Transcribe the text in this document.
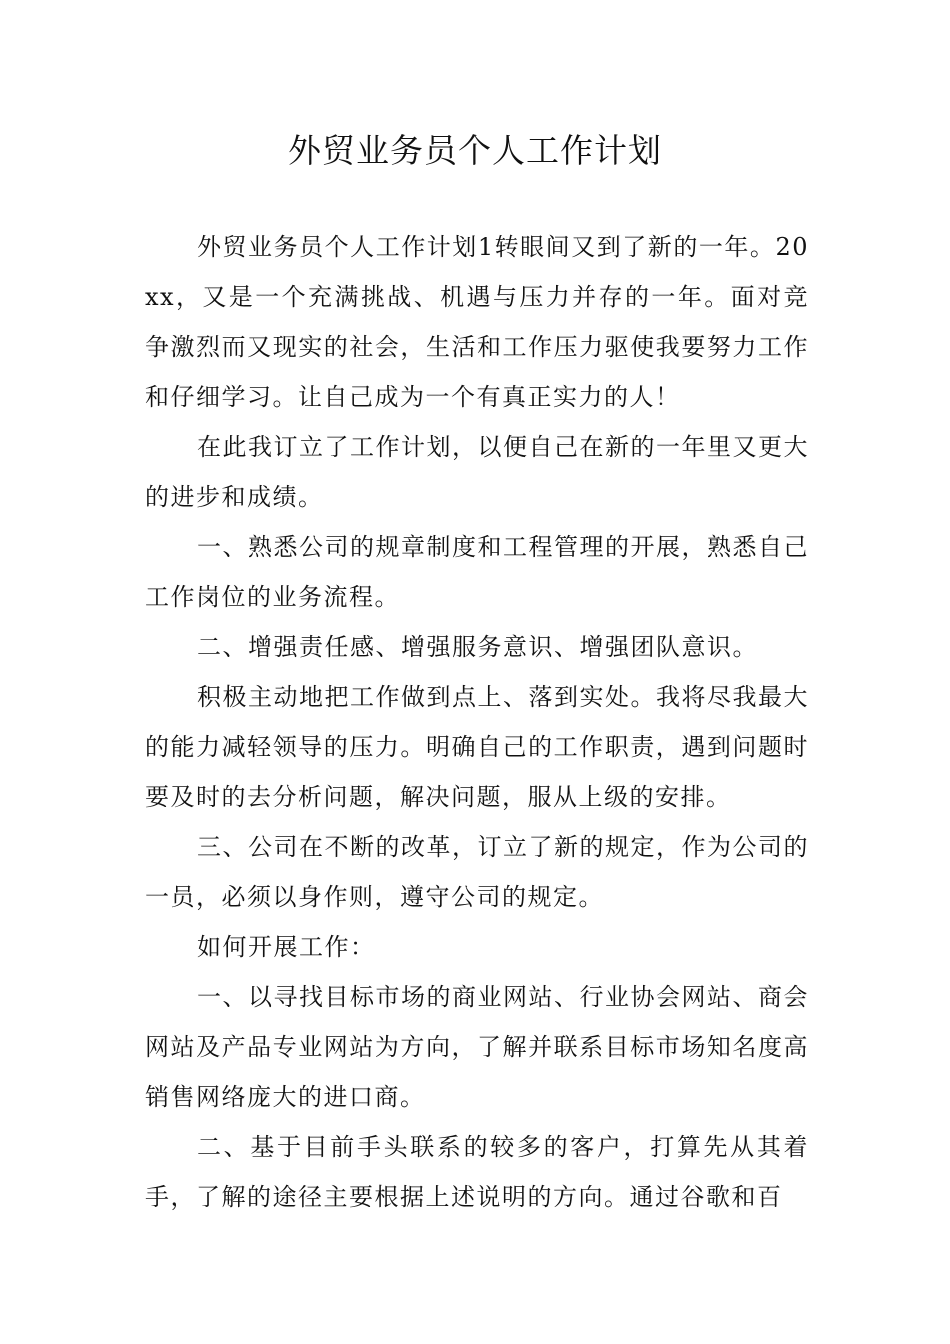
外贸业务员个人工作计划

外贸业务员个人工作计划1转眼间又到了新的一年。20xx，又是一个充满挑战、机遇与压力并存的一年。面对竞争激烈而又现实的社会，生活和工作压力驱使我要努力工作和仔细学习。让自己成为一个有真正实力的人！

在此我订立了工作计划，以便自己在新的一年里又更大的进步和成绩。

一、熟悉公司的规章制度和工程管理的开展，熟悉自己工作岗位的业务流程。

二、增强责任感、增强服务意识、增强团队意识。

积极主动地把工作做到点上、落到实处。我将尽我最大的能力减轻领导的压力。明确自己的工作职责，遇到问题时要及时的去分析问题，解决问题，服从上级的安排。

三、公司在不断的改革，订立了新的规定，作为公司的一员，必须以身作则，遵守公司的规定。

如何开展工作：

一、以寻找目标市场的商业网站、行业协会网站、商会网站及产品专业网站为方向，了解并联系目标市场知名度高销售网络庞大的进口商。

二、基于目前手头联系的较多的客户，打算先从其着手，了解的途径主要根据上述说明的方向。通过谷歌和百
